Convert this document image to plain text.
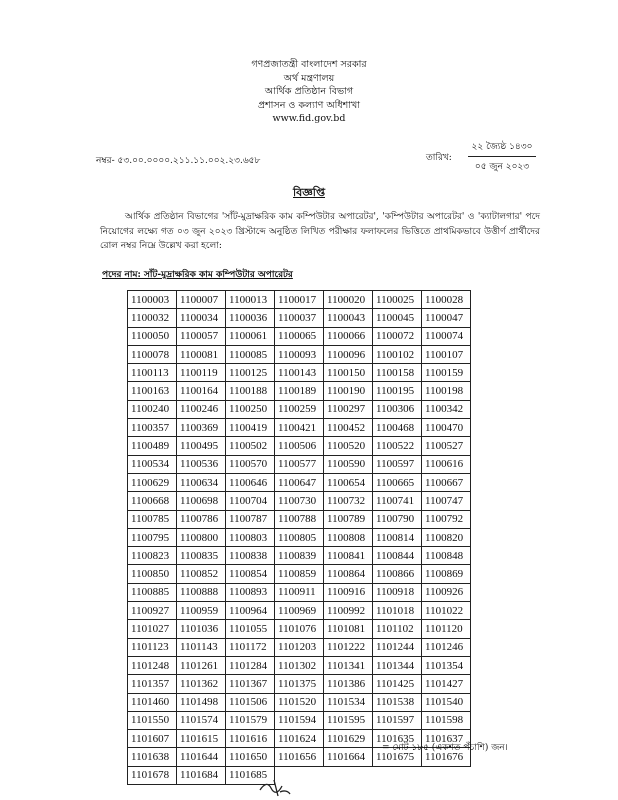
গণপ্রজাতন্ত্রী বাংলাদেশ সরকার
অর্থ মন্ত্রণালয়
আর্থিক প্রতিষ্ঠান বিভাগ
প্রশাসন ও কল্যাণ অধিশাখা
www.fid.gov.bd
নম্বর- ৫৩.০০.০০০০.২১১.১১.০০২.২৩.৬৫৮	তারিখ:
২২ জ্যৈষ্ঠ ১৪৩০
০৫ জুন ২০২৩
বিজ্ঞপ্তি

আর্থিক প্রতিষ্ঠান বিভাগের 'সাঁট-মুদ্রাক্ষরিক কাম কম্পিউটার অপারেটর', 'কম্পিউটার অপারেটর' ও 'ক্যাটালগার' পদে নিয়োগের লক্ষ্যে গত ০৩ জুন ২০২৩ খ্রিস্টাব্দে অনুষ্ঠিত লিখিত পরীক্ষার ফলাফলের ভিত্তিতে প্রাথমিকভাবে উত্তীর্ণ প্রার্থীদের রোল নম্বর নিম্নে উল্লেখ করা হলো:

পদের নাম: সাঁট-মুদ্রাক্ষরিক কাম কম্পিউটার অপারেটর
1100003	1100007	1100013	1100017	1100020	1100025	1100028
1100032	1100034	1100036	1100037	1100043	1100045	1100047
1100050	1100057	1100061	1100065	1100066	1100072	1100074
1100078	1100081	1100085	1100093	1100096	1100102	1100107
1100113	1100119	1100125	1100143	1100150	1100158	1100159
1100163	1100164	1100188	1100189	1100190	1100195	1100198
1100240	1100246	1100250	1100259	1100297	1100306	1100342
1100357	1100369	1100419	1100421	1100452	1100468	1100470
1100489	1100495	1100502	1100506	1100520	1100522	1100527
1100534	1100536	1100570	1100577	1100590	1100597	1100616
1100629	1100634	1100646	1100647	1100654	1100665	1100667
1100668	1100698	1100704	1100730	1100732	1100741	1100747
1100785	1100786	1100787	1100788	1100789	1100790	1100792
1100795	1100800	1100803	1100805	1100808	1100814	1100820
1100823	1100835	1100838	1100839	1100841	1100844	1100848
1100850	1100852	1100854	1100859	1100864	1100866	1100869
1100885	1100888	1100893	1100911	1100916	1100918	1100926
1100927	1100959	1100964	1100969	1100992	1101018	1101022
1101027	1101036	1101055	1101076	1101081	1101102	1101120
1101123	1101143	1101172	1101203	1101222	1101244	1101246
1101248	1101261	1101284	1101302	1101341	1101344	1101354
1101357	1101362	1101367	1101375	1101386	1101425	1101427
1101460	1101498	1101506	1101520	1101534	1101538	1101540
1101550	1101574	1101579	1101594	1101595	1101597	1101598
1101607	1101615	1101616	1101624	1101629	1101635	1101637
1101638	1101644	1101650	1101656	1101664	1101675	1101676
1101678	1101684	1101685				
= মোট ১৮৫ (একশত পঁচাশি) জন।
